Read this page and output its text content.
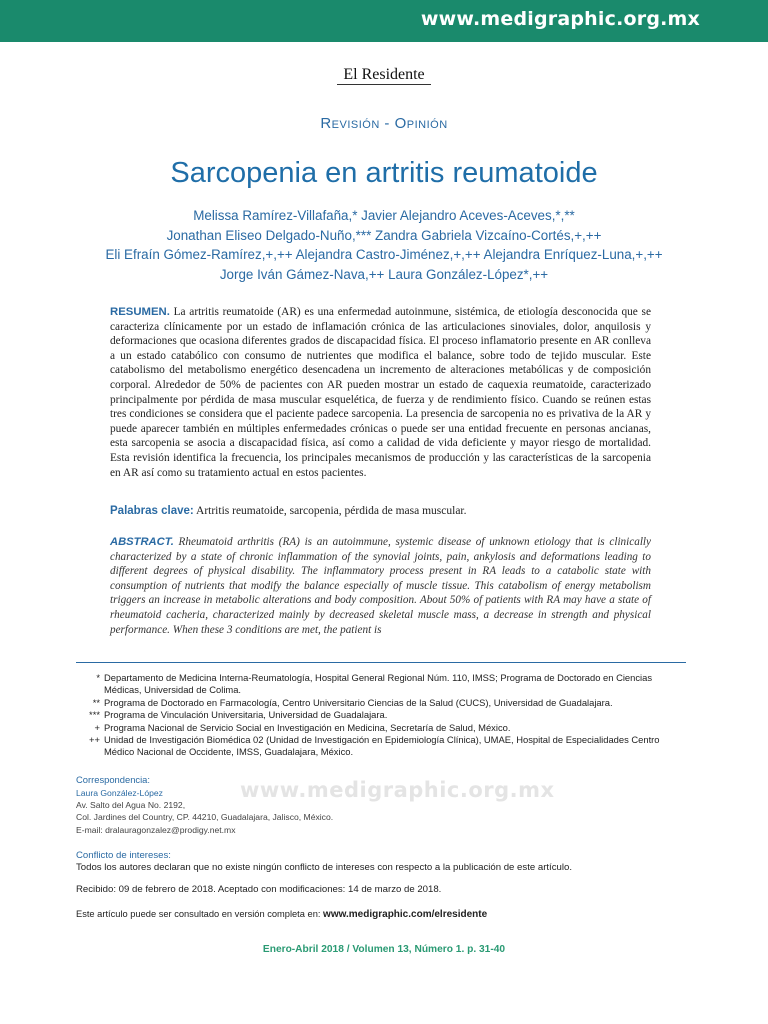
www.medigraphic.org.mx
El Residente
Revisión - Opinión
Sarcopenia en artritis reumatoide
Melissa Ramírez-Villafaña,* Javier Alejandro Aceves-Aceves,*,**
Jonathan Eliseo Delgado-Nuño,*** Zandra Gabriela Vizcaíno-Cortés,+,++
Eli Efraín Gómez-Ramírez,+,++ Alejandra Castro-Jiménez,+,++ Alejandra Enríquez-Luna,+,++
Jorge Iván Gámez-Nava,++ Laura González-López*,++
RESUMEN. La artritis reumatoide (AR) es una enfermedad autoinmune, sistémica, de etiología desconocida que se caracteriza clínicamente por un estado de inflamación crónica de las articulaciones sinoviales, dolor, anquilosis y deformaciones que ocasiona diferentes grados de discapacidad física. El proceso inflamatorio presente en AR conlleva a un estado catabólico con consumo de nutrientes que modifica el balance, sobre todo de tejido muscular. Este catabolismo del metabolismo energético desencadena un incremento de alteraciones metabólicas y de composición corporal. Alrededor de 50% de pacientes con AR pueden mostrar un estado de caquexia reumatoide, caracterizado principalmente por pérdida de masa muscular esquelética, de fuerza y de rendimiento físico. Cuando se reúnen estas tres condiciones se considera que el paciente padece sarcopenia. La presencia de sarcopenia no es privativa de la AR y puede aparecer también en múltiples enfermedades crónicas o puede ser una entidad frecuente en personas ancianas, esta sarcopenia se asocia a discapacidad física, así como a calidad de vida deficiente y mayor riesgo de mortalidad. Esta revisión identifica la frecuencia, los principales mecanismos de producción y las características de la sarcopenia en AR así como su tratamiento actual en estos pacientes.
Palabras clave: Artritis reumatoide, sarcopenia, pérdida de masa muscular.
ABSTRACT. Rheumatoid arthritis (RA) is an autoimmune, systemic disease of unknown etiology that is clinically characterized by a state of chronic inflammation of the synovial joints, pain, ankylosis and deformations leading to different degrees of physical disability. The inflammatory process present in RA leads to a catabolic state with consumption of nutrients that modify the balance especially of muscle tissue. This catabolism of energy metabolism triggers an increase in metabolic alterations and body composition. About 50% of patients with RA may have a state of rheumatoid cacheria, characterized mainly by decreased skeletal muscle mass, a decrease in strength and physical performance. When these 3 conditions are met, the patient is
* Departamento de Medicina Interna-Reumatología, Hospital General Regional Núm. 110, IMSS; Programa de Doctorado en Ciencias Médicas, Universidad de Colima.
** Programa de Doctorado en Farmacología, Centro Universitario Ciencias de la Salud (CUCS), Universidad de Guadalajara.
*** Programa de Vinculación Universitaria, Universidad de Guadalajara.
+ Programa Nacional de Servicio Social en Investigación en Medicina, Secretaría de Salud, México.
++ Unidad de Investigación Biomédica 02 (Unidad de Investigación en Epidemiología Clínica), UMAE, Hospital de Especialidades Centro Médico Nacional de Occidente, IMSS, Guadalajara, México.
www.medigraphic.org.mx
Correspondencia:
Laura González-López
Av. Salto del Agua No. 2192,
Col. Jardines del Country, CP. 44210, Guadalajara, Jalisco, México.
E-mail: dralauragonzalez@prodigy.net.mx
Conflicto de intereses:
Todos los autores declaran que no existe ningún conflicto de intereses con respecto a la publicación de este artículo.
Recibido: 09 de febrero de 2018. Aceptado con modificaciones: 14 de marzo de 2018.
Este artículo puede ser consultado en versión completa en: www.medigraphic.com/elresidente
Enero-Abril 2018 / Volumen 13, Número 1. p. 31-40
